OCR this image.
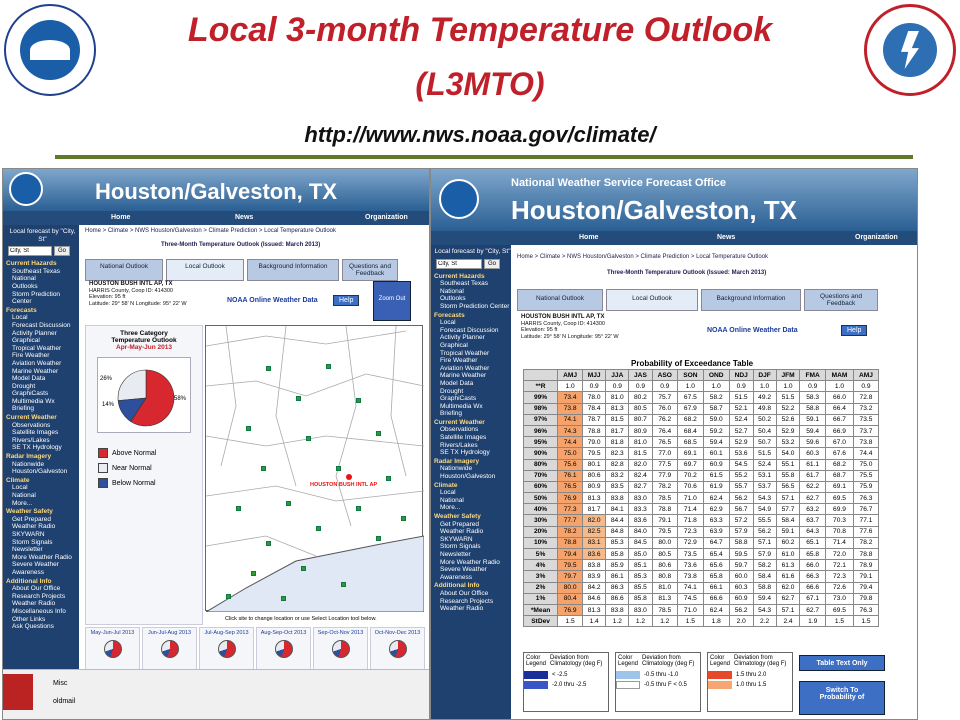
Local 3-month Temperature Outlook
(L3MTO)
http://www.nws.noaa.gov/climate/
Houston/Galveston, TX
Home	News	Organization
Local forecast by "City, St"
City, St
Go
Current Hazards
Southeast Texas
National
Outlooks
Storm Prediction Center
Forecasts
Local
Forecast Discussion
Activity Planner
Graphical
Tropical Weather
Fire Weather
Aviation Weather
Marine Weather
Model Data
Drought
GraphiCasts
Multimedia Wx
Briefing
Current Weather
Observations
Satellite Images
Rivers/Lakes
SE TX Hydrology
Radar Imagery
Nationwide
Houston/Galveston
Climate
Local
National
More...
Weather Safety
Get Prepared
Weather Radio
SKYWARN
Storm Signals
Newsletter
More Weather Radio
Severe Weather
Awareness
Additional Info
About Our Office
Research Projects
Weather Radio
Miscellaneous Info
Other Links
Ask Questions
Home > Climate > NWS Houston/Galveston > Climate Prediction > Local Temperature Outlook
Three-Month Temperature Outlook (Issued: March 2013)
National Outlook	Local Outlook	Background Information	Questions and Feedback
HOUSTON BUSH INTL AP, TX
HARRIS County, Coop ID: 414300
Elevation: 95 ft
Latitude: 29° 58' N Longitude: 95° 22' W	NOAA Online Weather Data	Help	Zoom Out
Three Category Temperature Outlook
Apr-May-Jun 2013
26%
14%
58%
Above Normal
Near Normal
Below Normal	HOUSTON BUSH INTL AP
Click site to change location or use Select Location tool below.
May-Jun-Jul 2013	Jun-Jul-Aug 2013	Jul-Aug-Sep 2013	Aug-Sep-Oct 2013	Sep-Oct-Nov 2013	Oct-Nov-Dec 2013
Misc
oldmail
National Weather Service Forecast Office
Houston/Galveston, TX
Home	News	Organization
Local forecast by "City, St"
City, St
Go
Current Hazards
Southeast Texas
National
Outlooks
Storm Prediction Center
Forecasts
Local
Forecast Discussion
Activity Planner
Graphical
Tropical Weather
Fire Weather
Aviation Weather
Marine Weather
Model Data
Drought
GraphiCasts
Multimedia Wx
Briefing
Current Weather
Observations
Satellite Images
Rivers/Lakes
SE TX Hydrology
Radar Imagery
Nationwide
Houston/Galveston
Climate
Local
National
More...
Weather Safety
Get Prepared
Weather Radio
SKYWARN
Storm Signals
Newsletter
More Weather Radio
Severe Weather
Awareness
Additional Info
About Our Office
Research Projects
Weather Radio
Home > Climate > NWS Houston/Galveston > Climate Prediction > Local Temperature Outlook
Three-Month Temperature Outlook (Issued: March 2013)
National Outlook	Local Outlook	Background Information	Questions and Feedback
HOUSTON BUSH INTL AP, TX
HARRIS County, Coop ID: 414300
Elevation: 95 ft
Latitude: 29° 58' N Longitude: 95° 22' W
NOAA Online Weather Data	Help
Probability of Exceedance Table
	AMJ	MJJ	JJA	JAS	ASO	SON	OND	NDJ	DJF	JFM	FMA	MAM	AMJ
**R	1.0	0.9	0.9	0.9	0.9	1.0	1.0	0.9	1.0	1.0	0.9	1.0	0.9
99%	73.4	78.0	81.0	80.2	75.7	67.5	58.2	51.5	49.2	51.5	58.3	66.0	72.8
98%	73.8	78.4	81.3	80.5	76.0	67.9	58.7	52.1	49.8	52.2	58.8	66.4	73.2
97%	74.1	78.7	81.5	80.7	76.2	68.2	59.0	52.4	50.2	52.6	59.1	66.7	73.5
96%	74.3	78.8	81.7	80.9	76.4	68.4	59.2	52.7	50.4	52.9	59.4	66.9	73.7
95%	74.4	79.0	81.8	81.0	76.5	68.5	59.4	52.9	50.7	53.2	59.6	67.0	73.8
90%	75.0	79.5	82.3	81.5	77.0	69.1	60.1	53.6	51.5	54.0	60.3	67.6	74.4
80%	75.6	80.1	82.8	82.0	77.5	69.7	60.9	54.5	52.4	55.1	61.1	68.2	75.0
70%	76.1	80.6	83.2	82.4	77.9	70.2	61.5	55.2	53.1	55.8	61.7	68.7	75.5
60%	76.5	80.9	83.5	82.7	78.2	70.6	61.9	55.7	53.7	56.5	62.2	69.1	75.9
50%	76.9	81.3	83.8	83.0	78.5	71.0	62.4	56.2	54.3	57.1	62.7	69.5	76.3
40%	77.3	81.7	84.1	83.3	78.8	71.4	62.9	56.7	54.9	57.7	63.2	69.9	76.7
30%	77.7	82.0	84.4	83.6	79.1	71.8	63.3	57.2	55.5	58.4	63.7	70.3	77.1
20%	78.2	82.5	84.8	84.0	79.5	72.3	63.9	57.9	56.2	59.1	64.3	70.8	77.6
10%	78.8	83.1	85.3	84.5	80.0	72.9	64.7	58.8	57.1	60.2	65.1	71.4	78.2
5%	79.4	83.6	85.8	85.0	80.5	73.5	65.4	59.5	57.9	61.0	65.8	72.0	78.8
4%	79.5	83.8	85.9	85.1	80.6	73.6	65.6	59.7	58.2	61.3	66.0	72.1	78.9
3%	79.7	83.9	86.1	85.3	80.8	73.8	65.8	60.0	58.4	61.6	66.3	72.3	79.1
2%	80.0	84.2	86.3	85.5	81.0	74.1	66.1	60.3	58.8	62.0	66.6	72.6	79.4
1%	80.4	84.6	86.6	85.8	81.3	74.5	66.6	60.9	59.4	62.7	67.1	73.0	79.8
*Mean	76.9	81.3	83.8	83.0	78.5	71.0	62.4	56.2	54.3	57.1	62.7	69.5	76.3
StDev	1.5	1.4	1.2	1.2	1.2	1.5	1.8	2.0	2.2	2.4	1.9	1.5	1.5
Color Legend
Deviation from Climatology (deg F)
< -2.5
-2.0 thru -2.5
Color Legend
Deviation from Climatology (deg F)
-0.5 thru -1.0
-0.5 thru F < 0.5
Color Legend
Deviation from Climatology (deg F)
1.5 thru 2.0
1.0 thru 1.5
Table Text Only
Switch To Probability of
